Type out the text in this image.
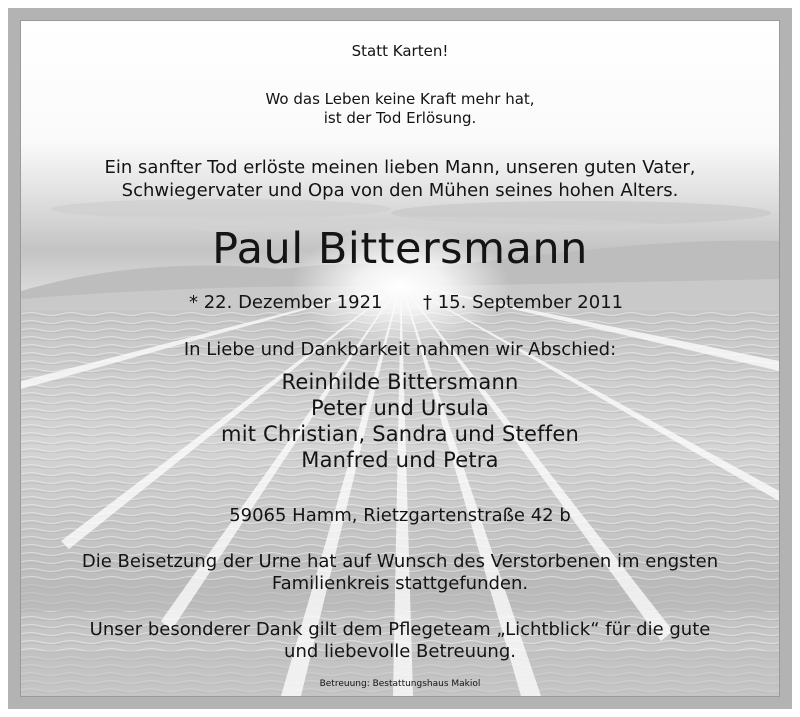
Statt Karten!
Wo das Leben keine Kraft mehr hat,
ist der Tod Erlösung.
Ein sanfter Tod erlöste meinen lieben Mann, unseren guten Vater,
Schwiegervater und Opa von den Mühen seines hohen Alters.
Paul Bittersmann
* 22. Dezember 1921 † 15. September 2011
In Liebe und Dankbarkeit nahmen wir Abschied:
Reinhilde Bittersmann
Peter und Ursula
mit Christian, Sandra und Steffen
Manfred und Petra
59065 Hamm, Rietzgartenstraße 42 b
Die Beisetzung der Urne hat auf Wunsch des Verstorbenen im engsten
Familienkreis stattgefunden.
Unser besonderer Dank gilt dem Pflegeteam „Lichtblick“ für die gute
und liebevolle Betreuung.
Betreuung: Bestattungshaus Makiol
